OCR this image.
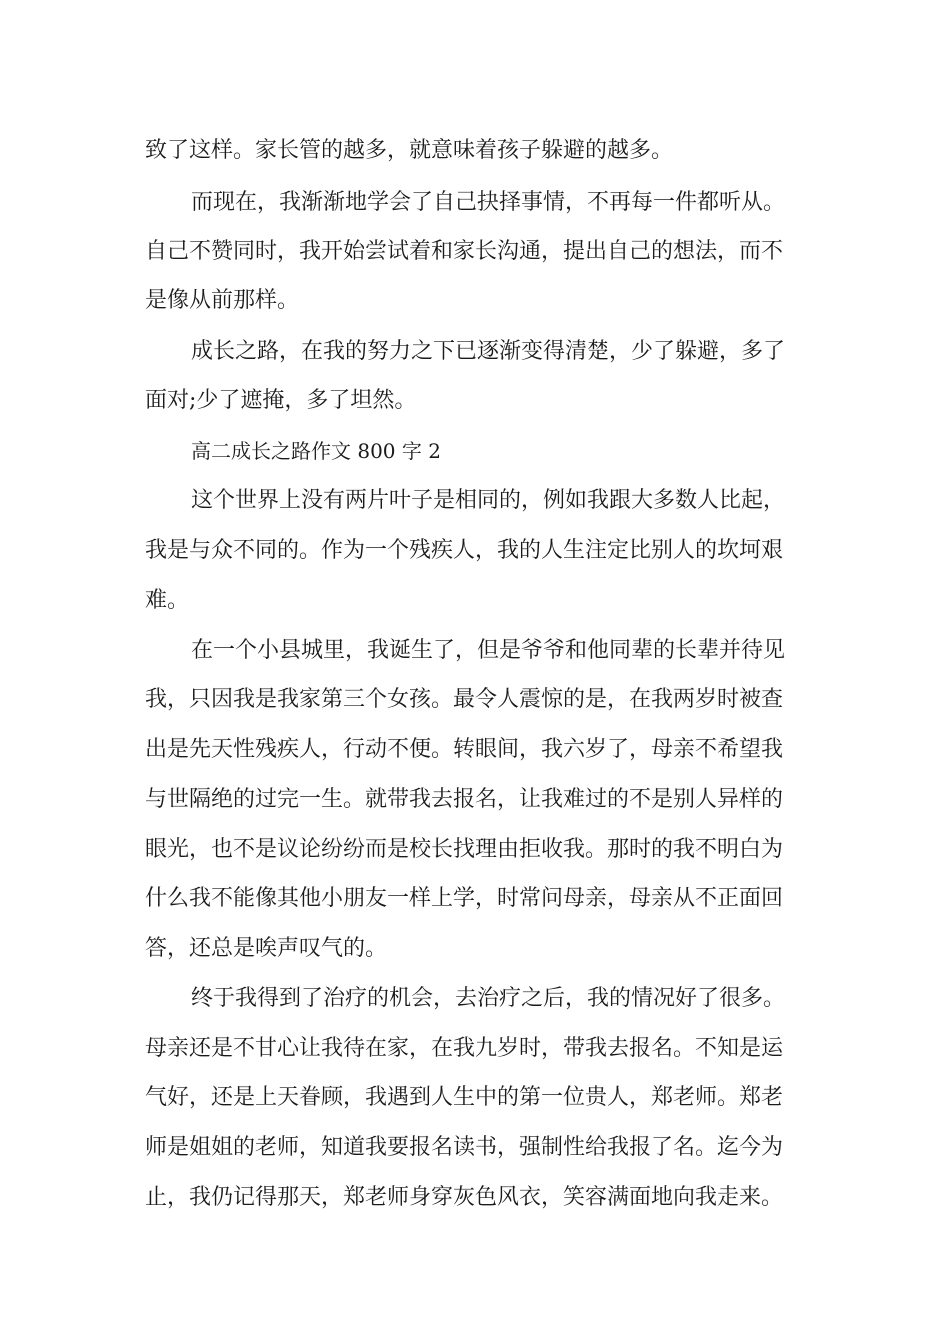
致了这样。家长管的越多，就意味着孩子躲避的越多。

而现在，我渐渐地学会了自己抉择事情，不再每一件都听从。

自己不赞同时，我开始尝试着和家长沟通，提出自己的想法，而不

是像从前那样。

成长之路，在我的努力之下已逐渐变得清楚，少了躲避，多了

面对;少了遮掩，多了坦然。

高二成长之路作文 800 字 2

这个世界上没有两片叶子是相同的，例如我跟大多数人比起，

我是与众不同的。作为一个残疾人，我的人生注定比别人的坎坷艰

难。

在一个小县城里，我诞生了，但是爷爷和他同辈的长辈并待见

我，只因我是我家第三个女孩。最令人震惊的是，在我两岁时被查

出是先天性残疾人，行动不便。转眼间，我六岁了，母亲不希望我

与世隔绝的过完一生。就带我去报名，让我难过的不是别人异样的

眼光，也不是议论纷纷而是校长找理由拒收我。那时的我不明白为

什么我不能像其他小朋友一样上学，时常问母亲，母亲从不正面回

答，还总是唉声叹气的。

终于我得到了治疗的机会，去治疗之后，我的情况好了很多。

母亲还是不甘心让我待在家，在我九岁时，带我去报名。不知是运

气好，还是上天眷顾，我遇到人生中的第一位贵人，郑老师。郑老

师是姐姐的老师，知道我要报名读书，强制性给我报了名。迄今为

止，我仍记得那天，郑老师身穿灰色风衣，笑容满面地向我走来。
